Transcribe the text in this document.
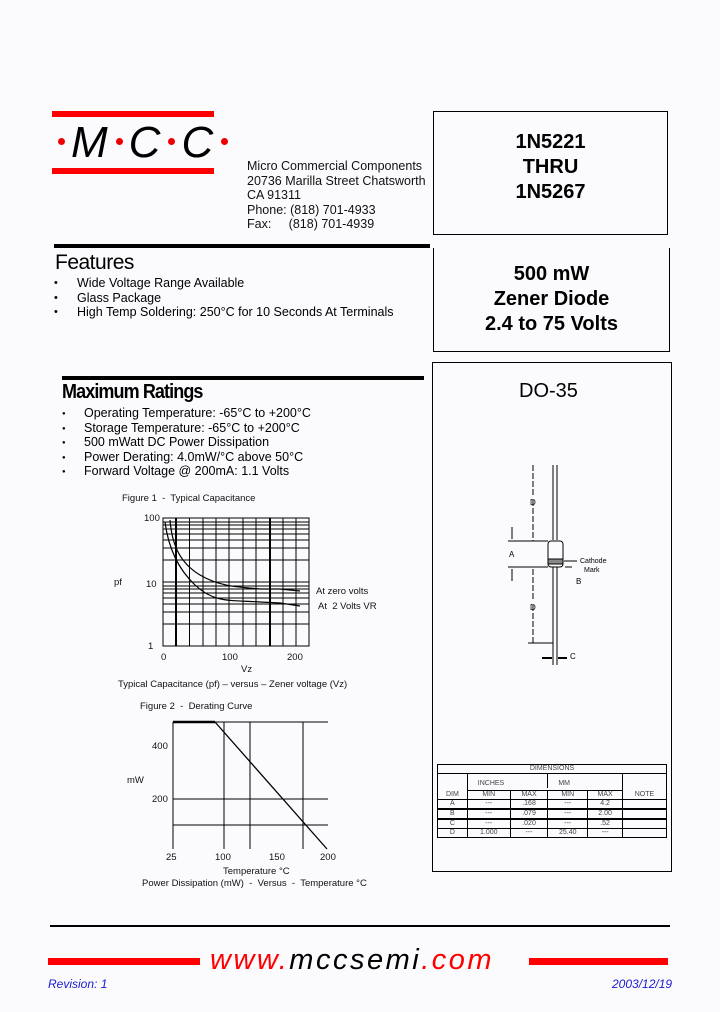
M C C	Micro Commercial Components
20736 Marilla Street Chatsworth
CA 91311
Phone: (818) 701-4933
Fax:     (818) 701-4939
1N5221
THRU
1N5267
500 mW
Zener Diode
2.4 to 75 Volts
Features
• Wide Voltage Range Available
• Glass Package
• High Temp Soldering: 250°C for 10 Seconds At Terminals
Maximum Ratings
● Operating Temperature: -65°C to +200°C
● Storage Temperature: -65°C to +200°C
● 500 mWatt DC Power Dissipation
● Power Derating: 4.0mW/°C above 50°C
● Forward Voltage @ 200mA: 1.1 Volts
Figure 1  -  Typical Capacitance
100
10
1
pf
0	100	200
Vz
At zero volts
At  2 Volts VR
Typical Capacitance (pf) – versus – Zener voltage (Vz)
Figure 2  -  Derating Curve
400
200
mW
25	100	150	200
Temperature °C
Power Dissipation (mW)  -  Versus  -  Temperature °C
DO-35
D
A
Cathode
Mark
B
D
C
DIMENSIONS					
	INCHES		MM		

DIM	MIN	MAX	MIN	MAX	NOTE
A	---	.168	---	4.2	
B	---	.079	---	2.00	
C	---	.020	---	.52	
D	1.000	---	25.40	---	
www.mccsemi.com
Revision: 1	2003/12/19
